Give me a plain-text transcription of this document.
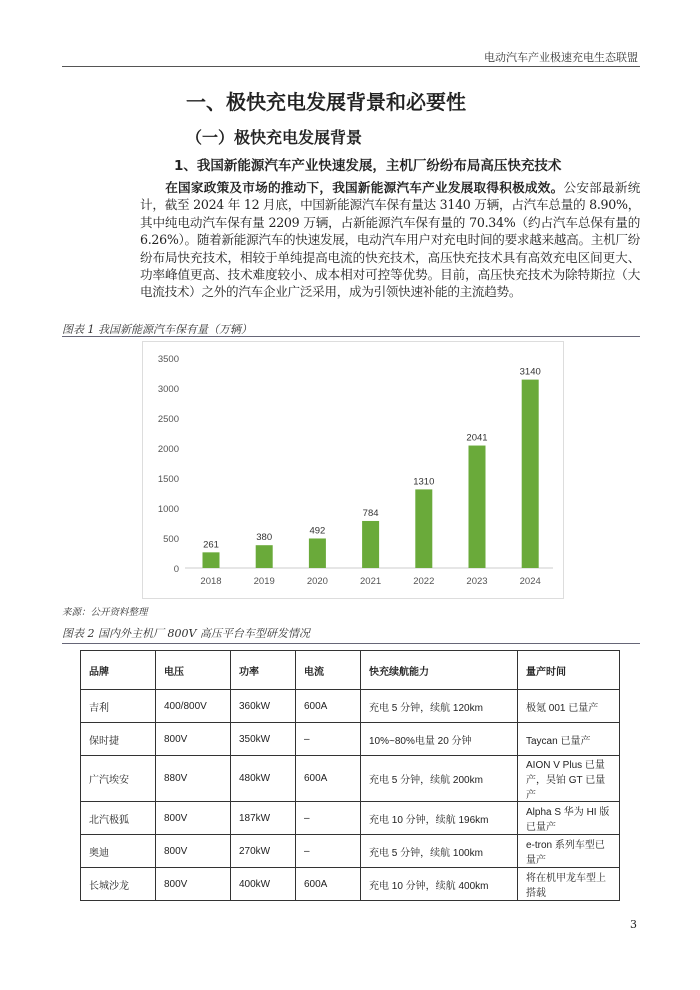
电动汽车产业极速充电生态联盟
一、极快充电发展背景和必要性
（一）极快充电发展背景
1、我国新能源汽车产业快速发展，主机厂纷纷布局高压快充技术
在国家政策及市场的推动下，我国新能源汽车产业发展取得积极成效。公安部最新统计，截至 2024 年 12 月底，中国新能源汽车保有量达 3140 万辆，占汽车总量的 8.90%，其中纯电动汽车保有量 2209 万辆，占新能源汽车保有量的 70.34%（约占汽车总保有量的 6.26%）。随着新能源汽车的快速发展，电动汽车用户对充电时间的要求越来越高。主机厂纷纷布局快充技术，相较于单纯提高电流的快充技术，高压快充技术具有高效充电区间更大、功率峰值更高、技术难度较小、成本相对可控等优势。目前，高压快充技术为除特斯拉（大电流技术）之外的汽车企业广泛采用，成为引领快速补能的主流趋势。
图表 1 我国新能源汽车保有量（万辆）
0
500
1000
1500
2000
2500
3000
3500
261
2018
380
2019
492
2020
784
2021
1310
2022
2041
2023
3140
2024
来源：公开资料整理
图表 2 国内外主机厂 800V 高压平台车型研发情况
品牌	电压	功率	电流	快充续航能力	量产时间
吉利	400/800V	360kW	600A	充电 5 分钟，续航 120km	极氪 001 已量产
保时捷	800V	350kW	–	10%~80%电量 20 分钟	Taycan 已量产
广汽埃安	880V	480kW	600A	充电 5 分钟，续航 200km	AION V Plus 已量产，昊铂 GT 已量产
北汽极狐	800V	187kW	–	充电 10 分钟，续航 196km	Alpha S 华为 HI 版已量产
奥迪	800V	270kW	–	充电 5 分钟，续航 100km	e-tron 系列车型已量产
长城沙龙	800V	400kW	600A	充电 10 分钟，续航 400km	将在机甲龙车型上搭载
3
